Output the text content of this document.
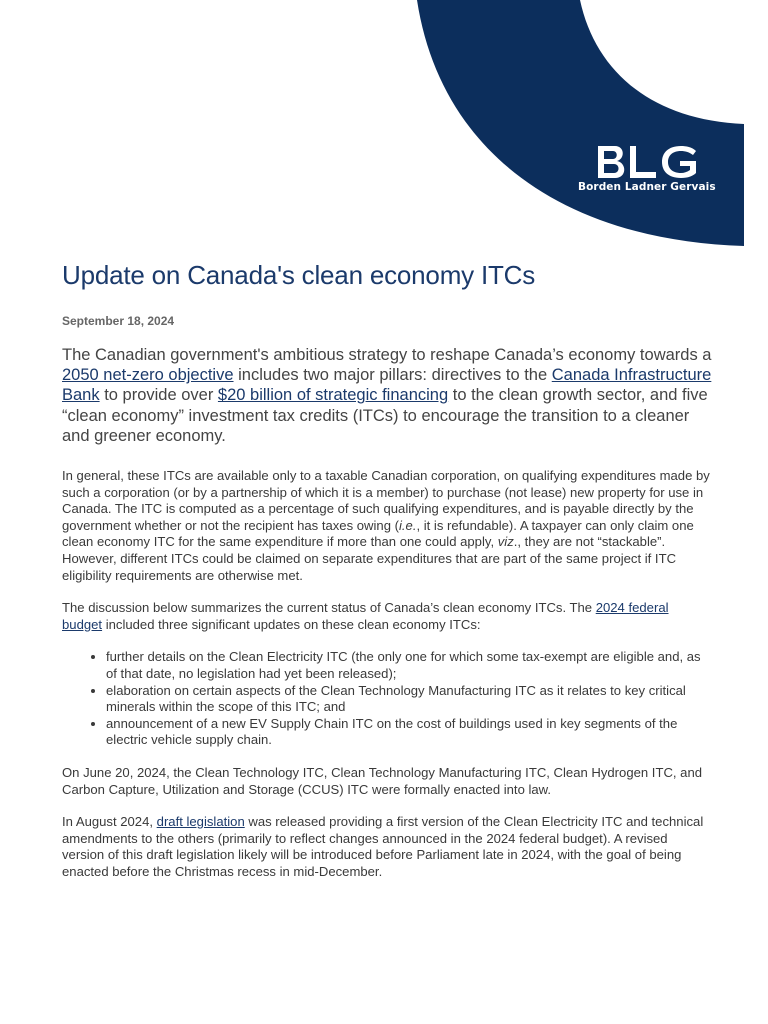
Borden Ladner Gervais
Update on Canada's clean economy ITCs
September 18, 2024

The Canadian government's ambitious strategy to reshape Canada’s economy towards a 2050 net-zero objective includes two major pillars: directives to the Canada Infrastructure Bank to provide over $20 billion of strategic financing to the clean growth sector, and five “clean economy” investment tax credits (ITCs) to encourage the transition to a cleaner and greener economy.

In general, these ITCs are available only to a taxable Canadian corporation, on qualifying expenditures made by such a corporation (or by a partnership of which it is a member) to purchase (not lease) new property for use in Canada. The ITC is computed as a percentage of such qualifying expenditures, and is payable directly by the government whether or not the recipient has taxes owing (i.e., it is refundable). A taxpayer can only claim one clean economy ITC for the same expenditure if more than one could apply, viz., they are not “stackable”. However, different ITCs could be claimed on separate expenditures that are part of the same project if ITC eligibility requirements are otherwise met.

The discussion below summarizes the current status of Canada’s clean economy ITCs. The 2024 federal budget included three significant updates on these clean economy ITCs:

• further details on the Clean Electricity ITC (the only one for which some tax-exempt are eligible and, as of that date, no legislation had yet been released);
• elaboration on certain aspects of the Clean Technology Manufacturing ITC as it relates to key critical minerals within the scope of this ITC; and
• announcement of a new EV Supply Chain ITC on the cost of buildings used in key segments of the electric vehicle supply chain.

On June 20, 2024, the Clean Technology ITC, Clean Technology Manufacturing ITC, Clean Hydrogen ITC, and Carbon Capture, Utilization and Storage (CCUS) ITC were formally enacted into law.

In August 2024, draft legislation was released providing a first version of the Clean Electricity ITC and technical amendments to the others (primarily to reflect changes announced in the 2024 federal budget). A revised version of this draft legislation likely will be introduced before Parliament late in 2024, with the goal of being enacted before the Christmas recess in mid-December.
